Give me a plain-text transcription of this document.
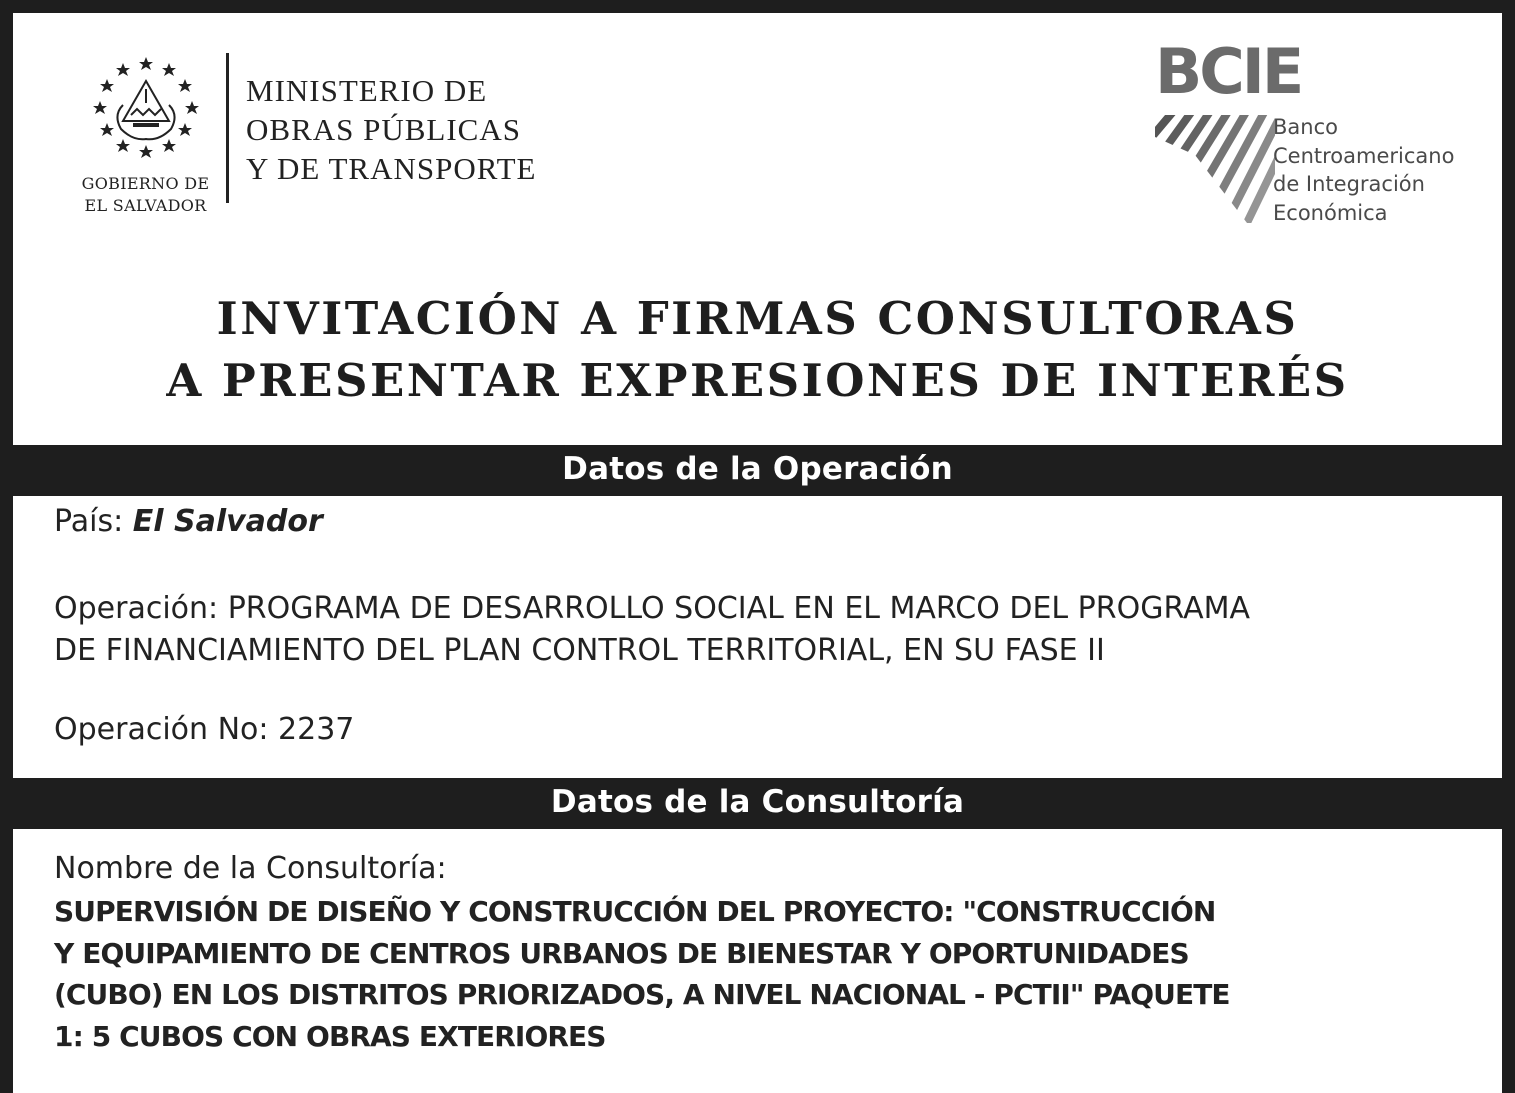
GOBIERNO DE
EL SALVADOR
MINISTERIO DE
OBRAS PÚBLICAS
Y DE TRANSPORTE
BCIE
Banco
Centroamericano
de Integración
Económica
INVITACIÓN A FIRMAS CONSULTORAS
A PRESENTAR EXPRESIONES DE INTERÉS
Datos de la Operación
País: El Salvador
Operación: PROGRAMA DE DESARROLLO SOCIAL EN EL MARCO DEL PROGRAMA
DE FINANCIAMIENTO DEL PLAN CONTROL TERRITORIAL, EN SU FASE II
Operación No: 2237
Datos de la Consultoría
Nombre de la Consultoría:
SUPERVISIÓN DE DISEÑO Y CONSTRUCCIÓN DEL PROYECTO: "CONSTRUCCIÓN
Y EQUIPAMIENTO DE CENTROS URBANOS DE BIENESTAR Y OPORTUNIDADES
(CUBO) EN LOS DISTRITOS PRIORIZADOS, A NIVEL NACIONAL - PCTII" PAQUETE
1: 5 CUBOS CON OBRAS EXTERIORES
